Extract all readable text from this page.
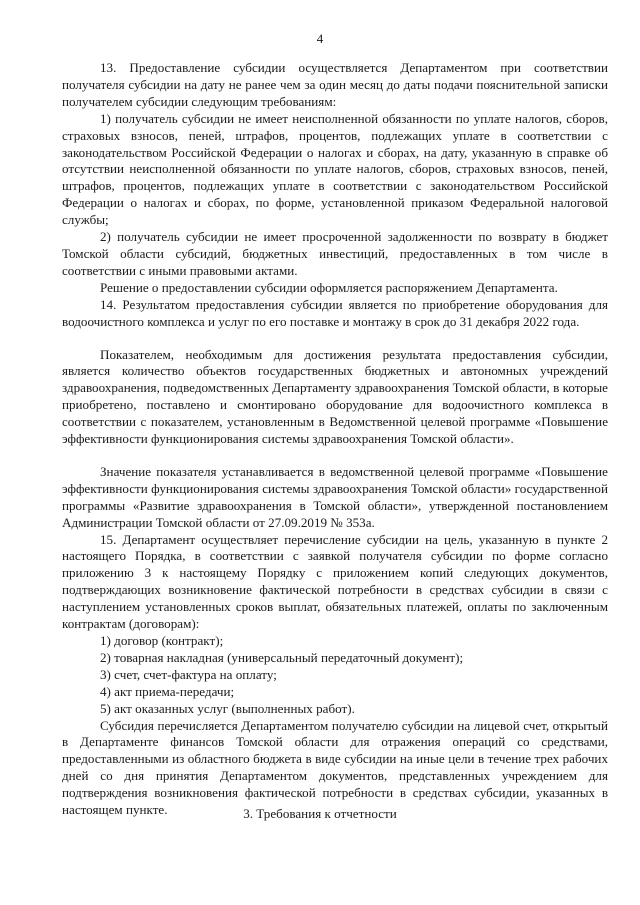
4

13. Предоставление субсидии осуществляется Департаментом при соответствии получателя субсидии на дату не ранее чем за один месяц до даты подачи пояснительной записки получателем субсидии следующим требованиям:

1) получатель субсидии не имеет неисполненной обязанности по уплате налогов, сборов, страховых взносов, пеней, штрафов, процентов, подлежащих уплате в соответствии с законодательством Российской Федерации о налогах и сборах, на дату, указанную в справке об отсутствии неисполненной обязанности по уплате налогов, сборов, страховых взносов, пеней, штрафов, процентов, подлежащих уплате в соответствии с законодательством Российской Федерации о налогах и сборах, по форме, установленной приказом Федеральной налоговой службы;

2) получатель субсидии не имеет просроченной задолженности по возврату в бюджет Томской области субсидий, бюджетных инвестиций, предоставленных в том числе в соответствии с иными правовыми актами.

Решение о предоставлении субсидии оформляется распоряжением Департамента.

14. Результатом предоставления субсидии является по приобретение оборудования для водоочистного комплекса и услуг по его поставке и монтажу в срок до 31 декабря 2022 года.

Показателем, необходимым для достижения результата предоставления субсидии, является количество объектов государственных бюджетных и автономных учреждений здравоохранения, подведомственных Департаменту здравоохранения Томской области, в которые приобретено, поставлено и смонтировано оборудование для водоочистного комплекса в соответствии с показателем, установленным в Ведомственной целевой программе «Повышение эффективности функционирования системы здравоохранения Томской области».

Значение показателя устанавливается в ведомственной целевой программе «Повышение эффективности функционирования системы здравоохранения Томской области» государственной программы «Развитие здравоохранения в Томской области», утвержденной постановлением Администрации Томской области от 27.09.2019 № 353а.

15. Департамент осуществляет перечисление субсидии на цель, указанную в пункте 2 настоящего Порядка, в соответствии с заявкой получателя субсидии по форме согласно приложению 3 к настоящему Порядку с приложением копий следующих документов, подтверждающих возникновение фактической потребности в средствах субсидии в связи с наступлением установленных сроков выплат, обязательных платежей, оплаты по заключенным контрактам (договорам):

1) договор (контракт);

2) товарная накладная (универсальный передаточный документ);

3) счет, счет-фактура на оплату;

4) акт приема-передачи;

5) акт оказанных услуг (выполненных работ).

Субсидия перечисляется Департаментом получателю субсидии на лицевой счет, открытый в Департаменте финансов Томской области для отражения операций со средствами, предоставленными из областного бюджета в виде субсидии на иные цели в течение трех рабочих дней со дня принятия Департаментом документов, представленных учреждением для подтверждения возникновения фактической потребности в средствах субсидии, указанных в настоящем пункте.	3. Требования к отчетности
